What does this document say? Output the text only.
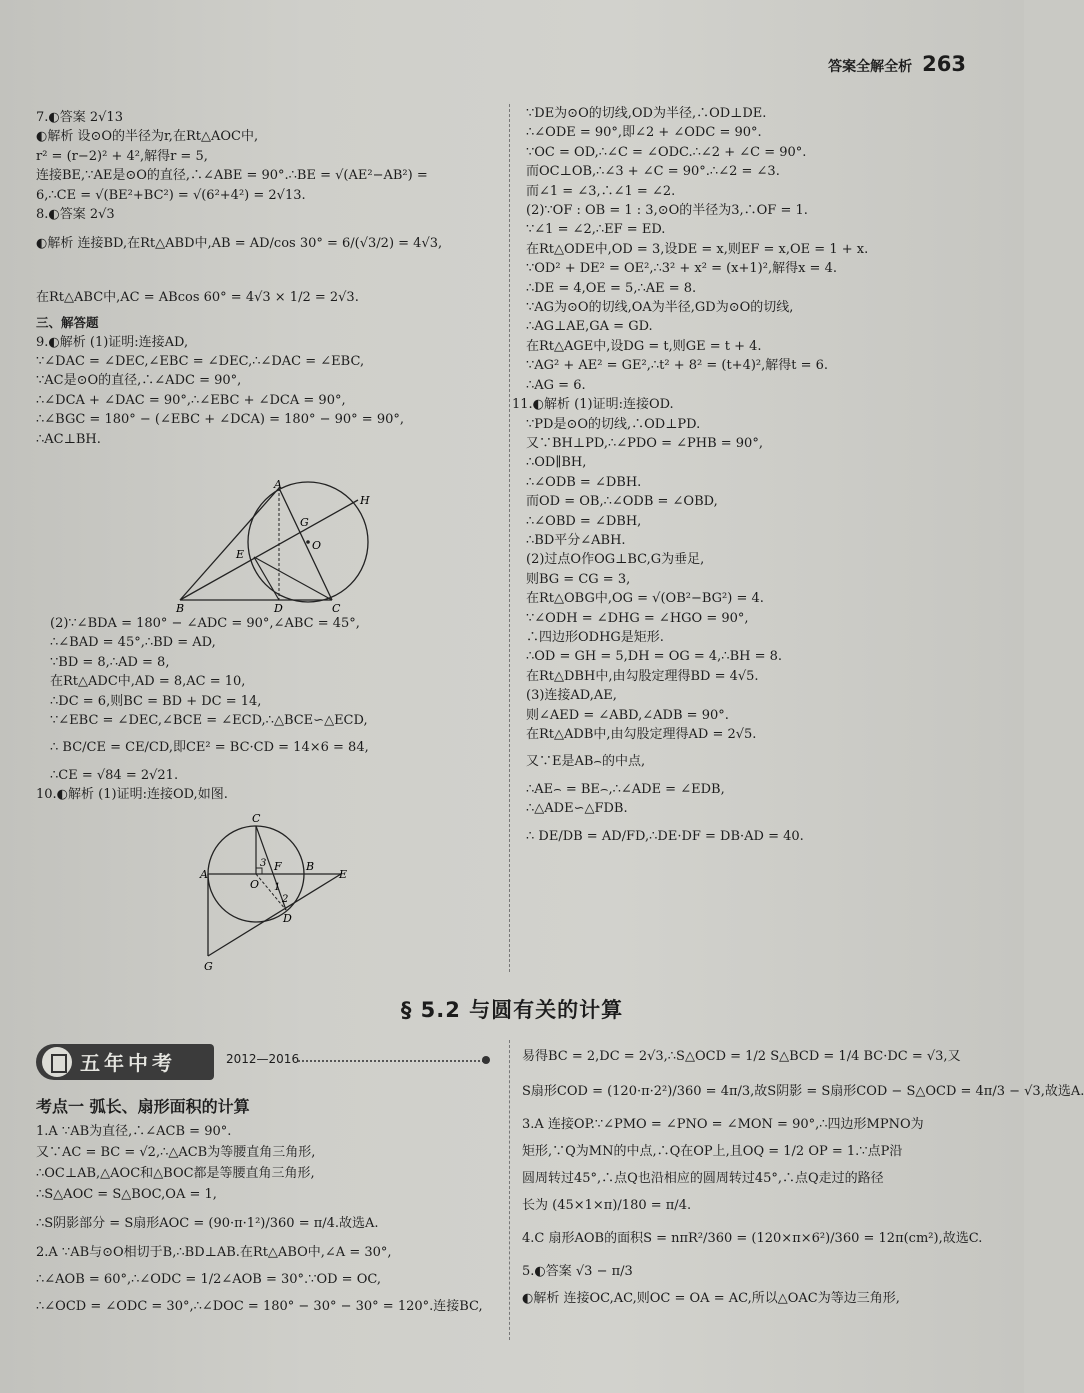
答案全解全析 263
7.◐答案 2√13
◐解析 设⊙O的半径为r,在Rt△AOC中,
r² = (r−2)² + 4²,解得r = 5,
连接BE,∵AE是⊙O的直径,∴∠ABE = 90°.∴BE = √(AE²−AB²) =
6,∴CE = √(BE²+BC²) = √(6²+4²) = 2√13.
8.◐答案 2√3
◐解析 连接BD,在Rt△ABD中,AB = AD/cos 30° = 6/(√3/2) = 4√3,
在Rt△ABC中,AC = ABcos 60° = 4√3 × 1/2 = 2√3.
三、解答题
9.◐解析 (1)证明:连接AD,
∵∠DAC = ∠DEC,∠EBC = ∠DEC,∴∠DAC = ∠EBC,
∵AC是⊙O的直径,∴∠ADC = 90°,
∴∠DCA + ∠DAC = 90°,∴∠EBC + ∠DCA = 90°,
∴∠BGC = 180° − (∠EBC + ∠DCA) = 180° − 90° = 90°,
∴AC⊥BH.
A
H
G
O
E
B	D	C
(2)∵∠BDA = 180° − ∠ADC = 90°,∠ABC = 45°,
∴∠BAD = 45°,∴BD = AD,
∵BD = 8,∴AD = 8,
在Rt△ADC中,AD = 8,AC = 10,
∴DC = 6,则BC = BD + DC = 14,
∵∠EBC = ∠DEC,∠BCE = ∠ECD,∴△BCE∽△ECD,
∴ BC/CE = CE/CD,即CE² = BC·CD = 14×6 = 84,
∴CE = √84 = 2√21.
10.◐解析 (1)证明:连接OD,如图.
C
3 F B
A
O 1
2
E
D
G
∵DE为⊙O的切线,OD为半径,∴OD⊥DE.
∴∠ODE = 90°,即∠2 + ∠ODC = 90°.
∵OC = OD,∴∠C = ∠ODC.∴∠2 + ∠C = 90°.
而OC⊥OB,∴∠3 + ∠C = 90°.∴∠2 = ∠3.
而∠1 = ∠3,∴∠1 = ∠2.
(2)∵OF : OB = 1 : 3,⊙O的半径为3,∴OF = 1.
∵∠1 = ∠2,∴EF = ED.
在Rt△ODE中,OD = 3,设DE = x,则EF = x,OE = 1 + x.
∵OD² + DE² = OE²,∴3² + x² = (x+1)²,解得x = 4.
∴DE = 4,OE = 5,∴AE = 8.
∵AG为⊙O的切线,OA为半径,GD为⊙O的切线,
∴AG⊥AE,GA = GD.
在Rt△AGE中,设DG = t,则GE = t + 4.
∵AG² + AE² = GE²,∴t² + 8² = (t+4)²,解得t = 6.
∴AG = 6.
11.◐解析 (1)证明:连接OD.
∵PD是⊙O的切线,∴OD⊥PD.
又∵BH⊥PD,∴∠PDO = ∠PHB = 90°,
∴OD∥BH,
∴∠ODB = ∠DBH.
而OD = OB,∴∠ODB = ∠OBD,
∴∠OBD = ∠DBH,
∴BD平分∠ABH.
(2)过点O作OG⊥BC,G为垂足,
则BG = CG = 3,
在Rt△OBG中,OG = √(OB²−BG²) = 4.
∵∠ODH = ∠DHG = ∠HGO = 90°,
∴四边形ODHG是矩形.
∴OD = GH = 5,DH = OG = 4,∴BH = 8.
在Rt△DBH中,由勾股定理得BD = 4√5.
(3)连接AD,AE,
则∠AED = ∠ABD,∠ADB = 90°.
在Rt△ADB中,由勾股定理得AD = 2√5.
又∵E是AB⌢的中点,
∴AE⌢ = BE⌢,∴∠ADE = ∠EDB,
∴△ADE∽△FDB.
∴ DE/DB = AD/FD,∴DE·DF = DB·AD = 40.
§ 5.2 与圆有关的计算
五年中考	2012—2016
考点一 弧长、扇形面积的计算
1.A ∵AB为直径,∴∠ACB = 90°.
又∵AC = BC = √2,∴△ACB为等腰直角三角形,
∴OC⊥AB,△AOC和△BOC都是等腰直角三角形,
∴S△AOC = S△BOC,OA = 1,
∴S阴影部分 = S扇形AOC = (90·π·1²)/360 = π/4.故选A.
2.A ∵AB与⊙O相切于B,∴BD⊥AB.在Rt△ABO中,∠A = 30°,
∴∠AOB = 60°,∴∠ODC = 1/2∠AOB = 30°.∵OD = OC,
∴∠OCD = ∠ODC = 30°,∴∠DOC = 180° − 30° − 30° = 120°.连接BC,
易得BC = 2,DC = 2√3,∴S△OCD = 1/2 S△BCD = 1/4 BC·DC = √3,又
S扇形COD = (120·π·2²)/360 = 4π/3,故S阴影 = S扇形COD − S△OCD = 4π/3 − √3,故选A.
3.A 连接OP.∵∠PMO = ∠PNO = ∠MON = 90°,∴四边形MPNO为
矩形,∵Q为MN的中点,∴Q在OP上,且OQ = 1/2 OP = 1.∵点P沿
圆周转过45°,∴点Q也沿相应的圆周转过45°,∴点Q走过的路径
长为 (45×1×π)/180 = π/4.
4.C 扇形AOB的面积S = nπR²/360 = (120×π×6²)/360 = 12π(cm²),故选C.
5.◐答案 √3 − π/3
◐解析 连接OC,AC,则OC = OA = AC,所以△OAC为等边三角形,
